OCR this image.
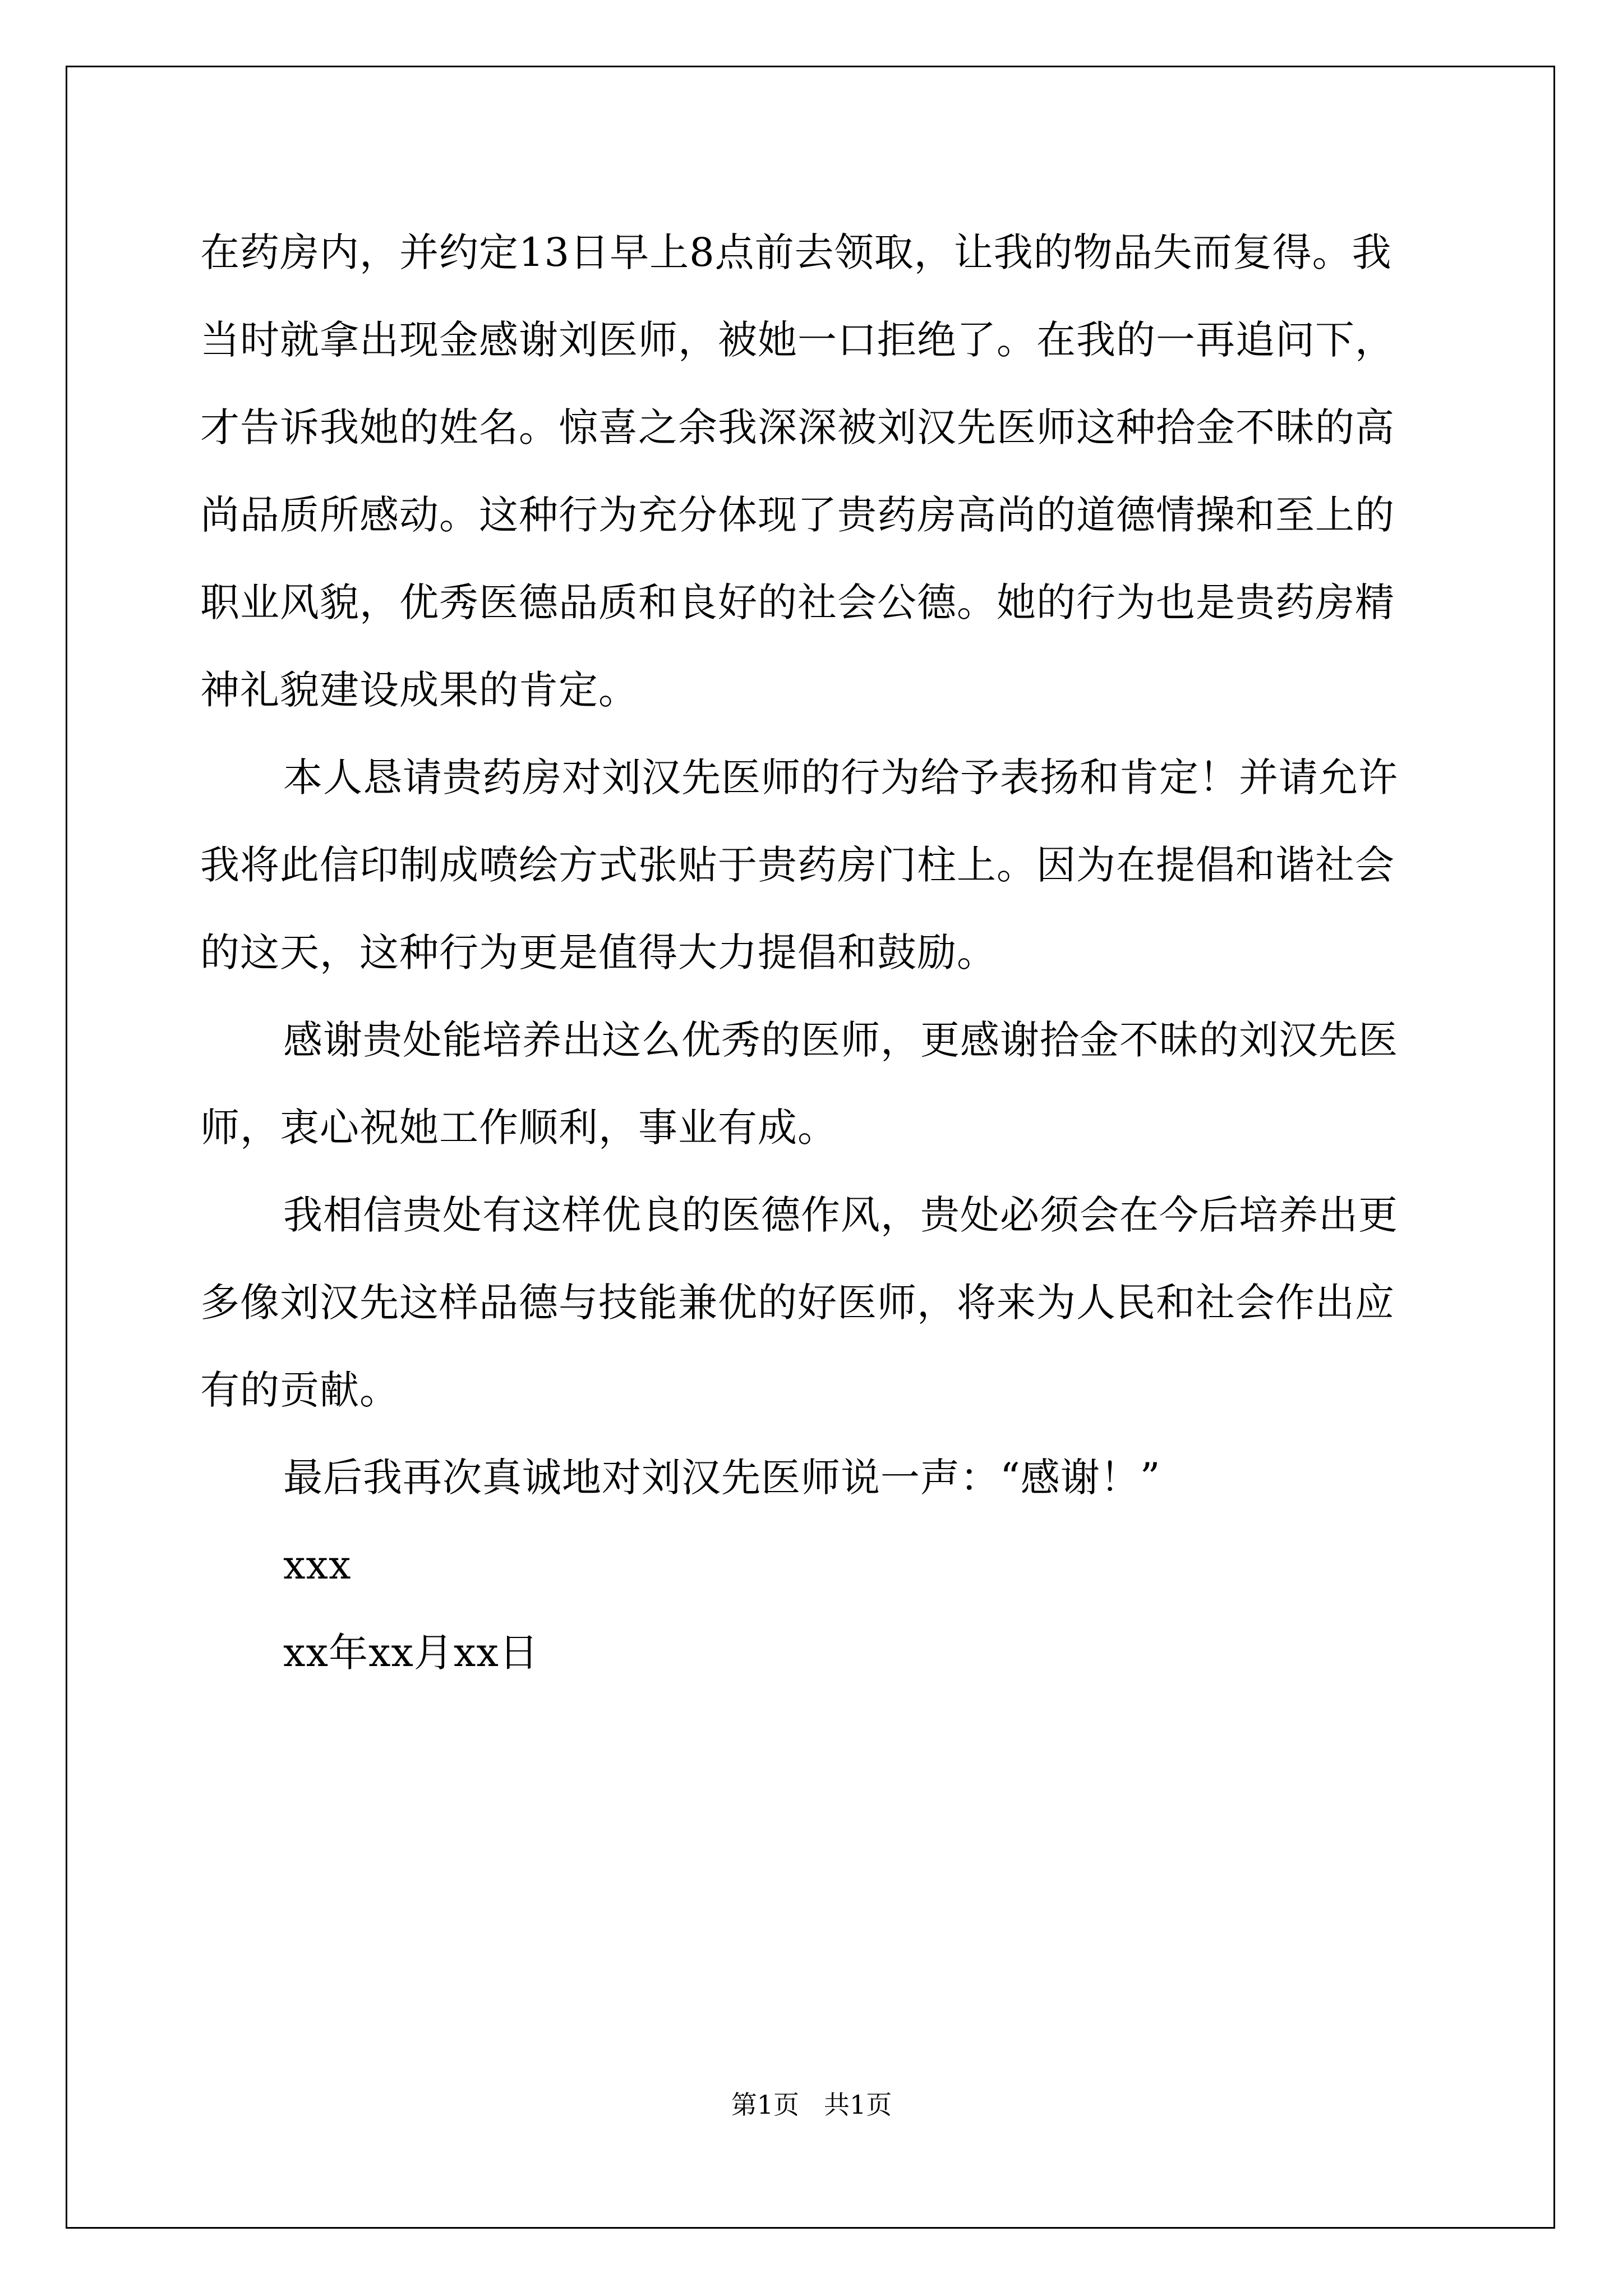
在药房内，并约定13日早上8点前去领取，让我的物品失而复得。我
当时就拿出现金感谢刘医师，被她一口拒绝了。在我的一再追问下，
才告诉我她的姓名。惊喜之余我深深被刘汉先医师这种拾金不昧的高
尚品质所感动。这种行为充分体现了贵药房高尚的道德情操和至上的
职业风貌，优秀医德品质和良好的社会公德。她的行为也是贵药房精
神礼貌建设成果的肯定。
本人恳请贵药房对刘汉先医师的行为给予表扬和肯定！并请允许
我将此信印制成喷绘方式张贴于贵药房门柱上。因为在提倡和谐社会
的这天，这种行为更是值得大力提倡和鼓励。
感谢贵处能培养出这么优秀的医师，更感谢拾金不昧的刘汉先医
师，衷心祝她工作顺利，事业有成。
我相信贵处有这样优良的医德作风，贵处必须会在今后培养出更
多像刘汉先这样品德与技能兼优的好医师，将来为人民和社会作出应
有的贡献。
最后我再次真诚地对刘汉先医师说一声：“感谢！”
xxx
xx年xx月xx日
第1页 共1页
